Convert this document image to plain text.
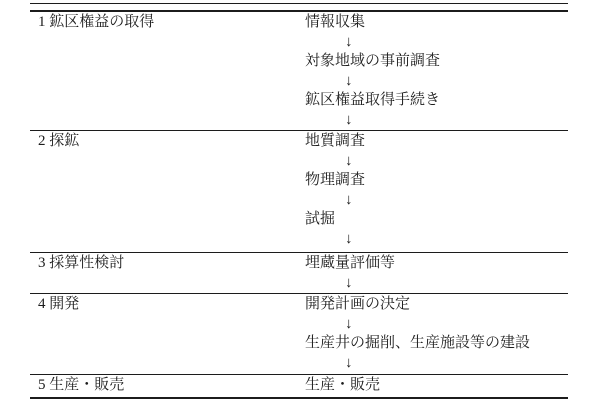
1 鉱区権益の取得	情報収集
↓
対象地域の事前調査
↓
鉱区権益取得手続き
↓
2 探鉱	地質調査
↓
物理調査
↓
試掘
↓
3 採算性検討	埋蔵量評価等
↓
4 開発	開発計画の決定
↓
生産井の掘削、生産施設等の建設
↓
5 生産・販売	生産・販売
